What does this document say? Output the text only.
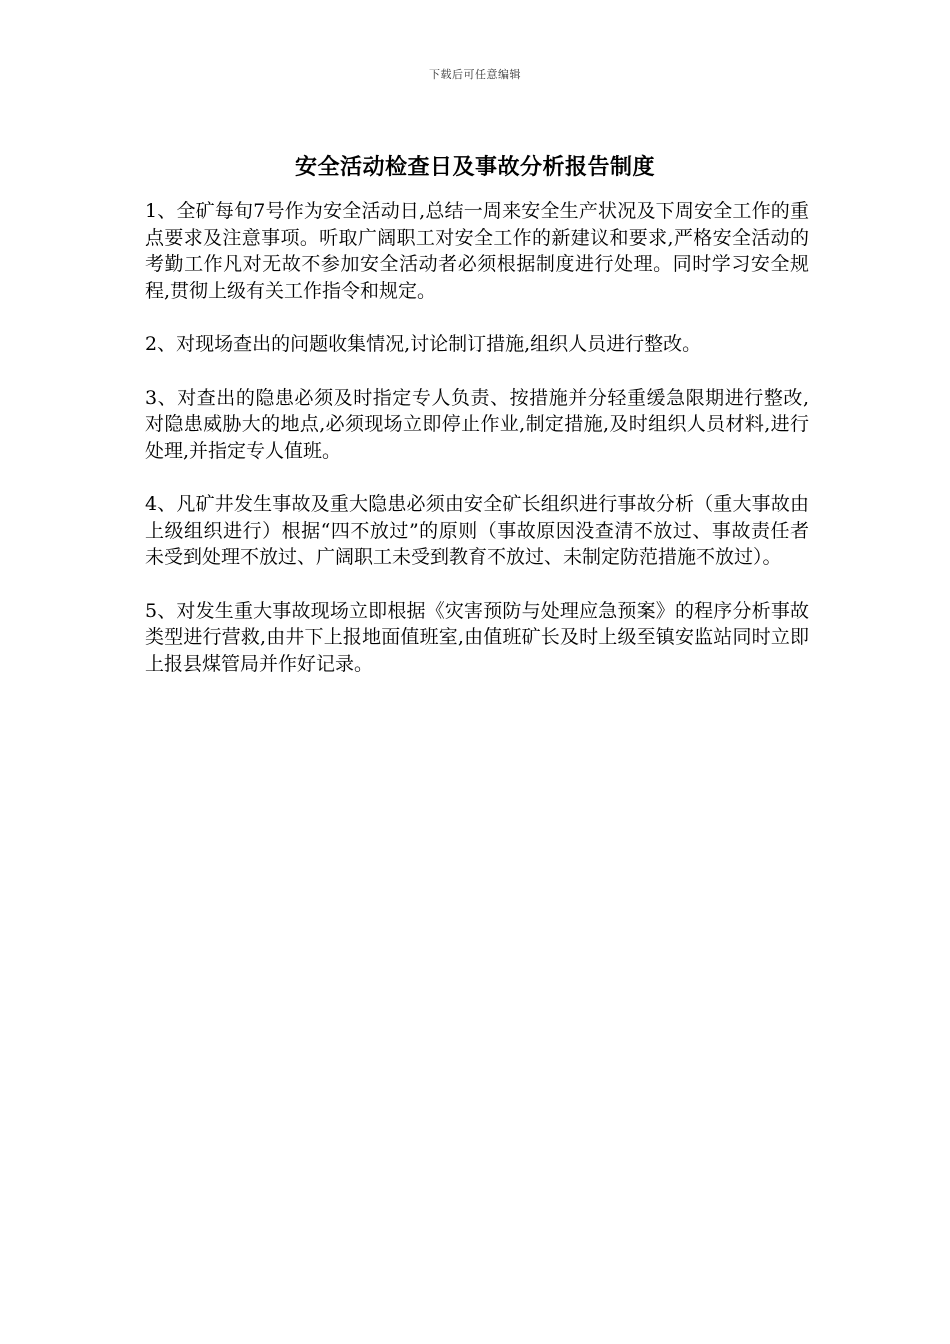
下载后可任意编辑
安全活动检查日及事故分析报告制度

1、全矿每旬7号作为安全活动日,总结一周来安全生产状况及下周安全工作的重点要求及注意事项。听取广阔职工对安全工作的新建议和要求,严格安全活动的考勤工作凡对无故不参加安全活动者必须根据制度进行处理。同时学习安全规程,贯彻上级有关工作指令和规定。

2、对现场查出的问题收集情况,讨论制订措施,组织人员进行整改。

3、对查出的隐患必须及时指定专人负责、按措施并分轻重缓急限期进行整改,对隐患威胁大的地点,必须现场立即停止作业,制定措施,及时组织人员材料,进行处理,并指定专人值班。

4、凡矿井发生事故及重大隐患必须由安全矿长组织进行事故分析（重大事故由上级组织进行）根据“四不放过”的原则（事故原因没查清不放过、事故责任者未受到处理不放过、广阔职工未受到教育不放过、未制定防范措施不放过）。

5、对发生重大事故现场立即根据《灾害预防与处理应急预案》的程序分析事故类型进行营救,由井下上报地面值班室,由值班矿长及时上级至镇安监站同时立即上报县煤管局并作好记录。
